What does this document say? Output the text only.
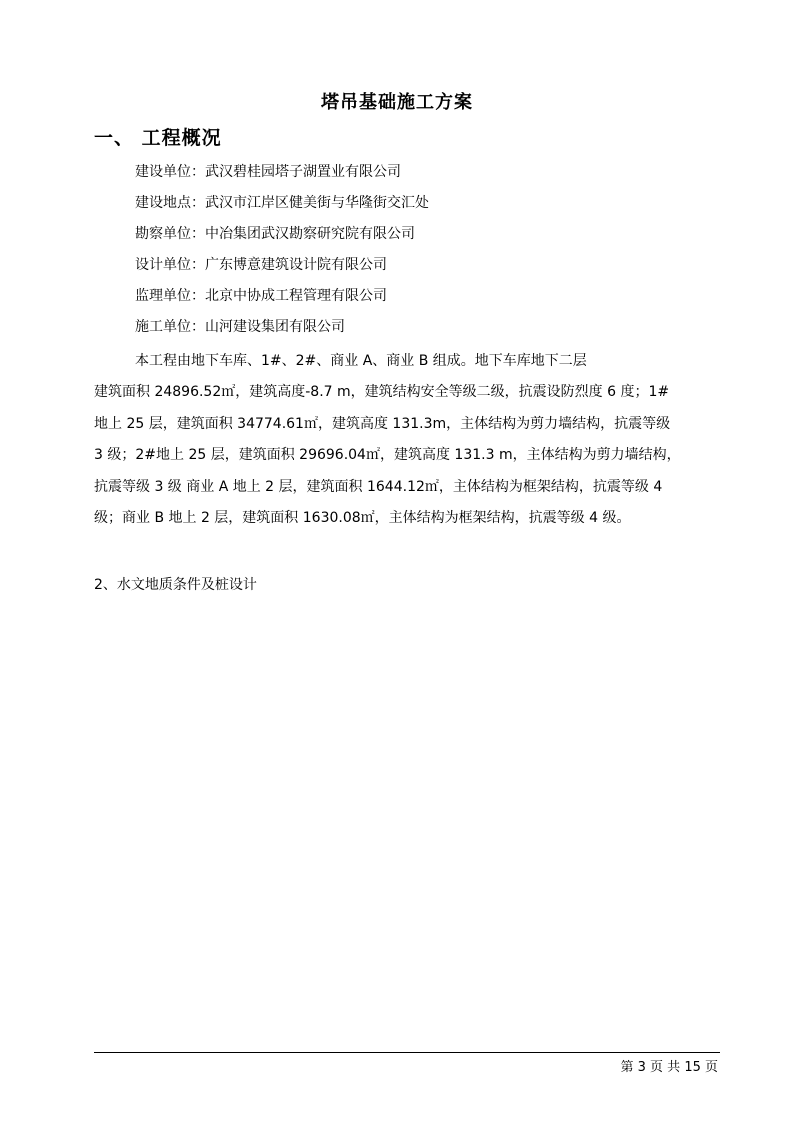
塔吊基础施工方案
一、 工程概况
建设单位：武汉碧桂园塔子湖置业有限公司
建设地点：武汉市江岸区健美街与华隆街交汇处
勘察单位：中冶集团武汉勘察研究院有限公司
设计单位：广东博意建筑设计院有限公司
监理单位：北京中协成工程管理有限公司
施工单位：山河建设集团有限公司
本工程由地下车库、1#、2#、商业 A、商业 B 组成。地下车库地下二层
建筑面积 24896.52㎡，建筑高度-8.7 m，建筑结构安全等级二级，抗震设防烈度 6 度；1#
地上 25 层，建筑面积 34774.61㎡，建筑高度 131.3m，主体结构为剪力墙结构，抗震等级
3 级；2#地上 25 层，建筑面积 29696.04㎡，建筑高度 131.3 m，主体结构为剪力墙结构，
抗震等级 3 级 商业 A 地上 2 层，建筑面积 1644.12㎡，主体结构为框架结构，抗震等级 4
级；商业 B 地上 2 层，建筑面积 1630.08㎡，主体结构为框架结构，抗震等级 4 级。
2、水文地质条件及桩设计
第 3 页 共 15 页
